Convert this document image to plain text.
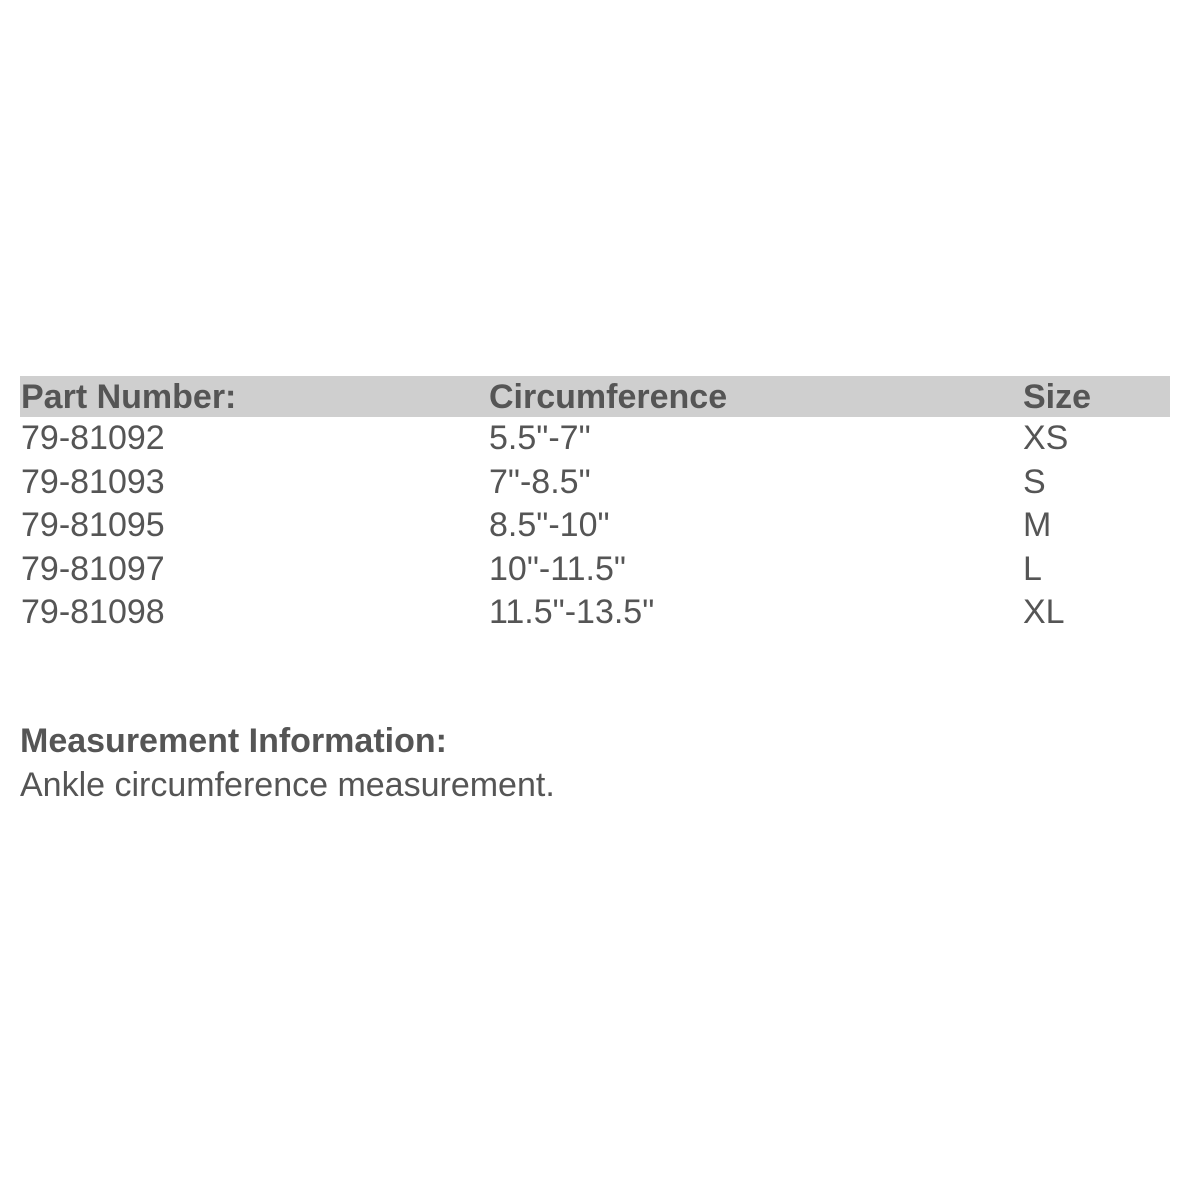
Part Number:	Circumference	Size
79-81092	5.5"-7"	XS
79-81093	7"-8.5"	S
79-81095	8.5"-10"	M
79-81097	10"-11.5"	L
79-81098	11.5"-13.5"	XL
Measurement Information:
Ankle circumference measurement.
